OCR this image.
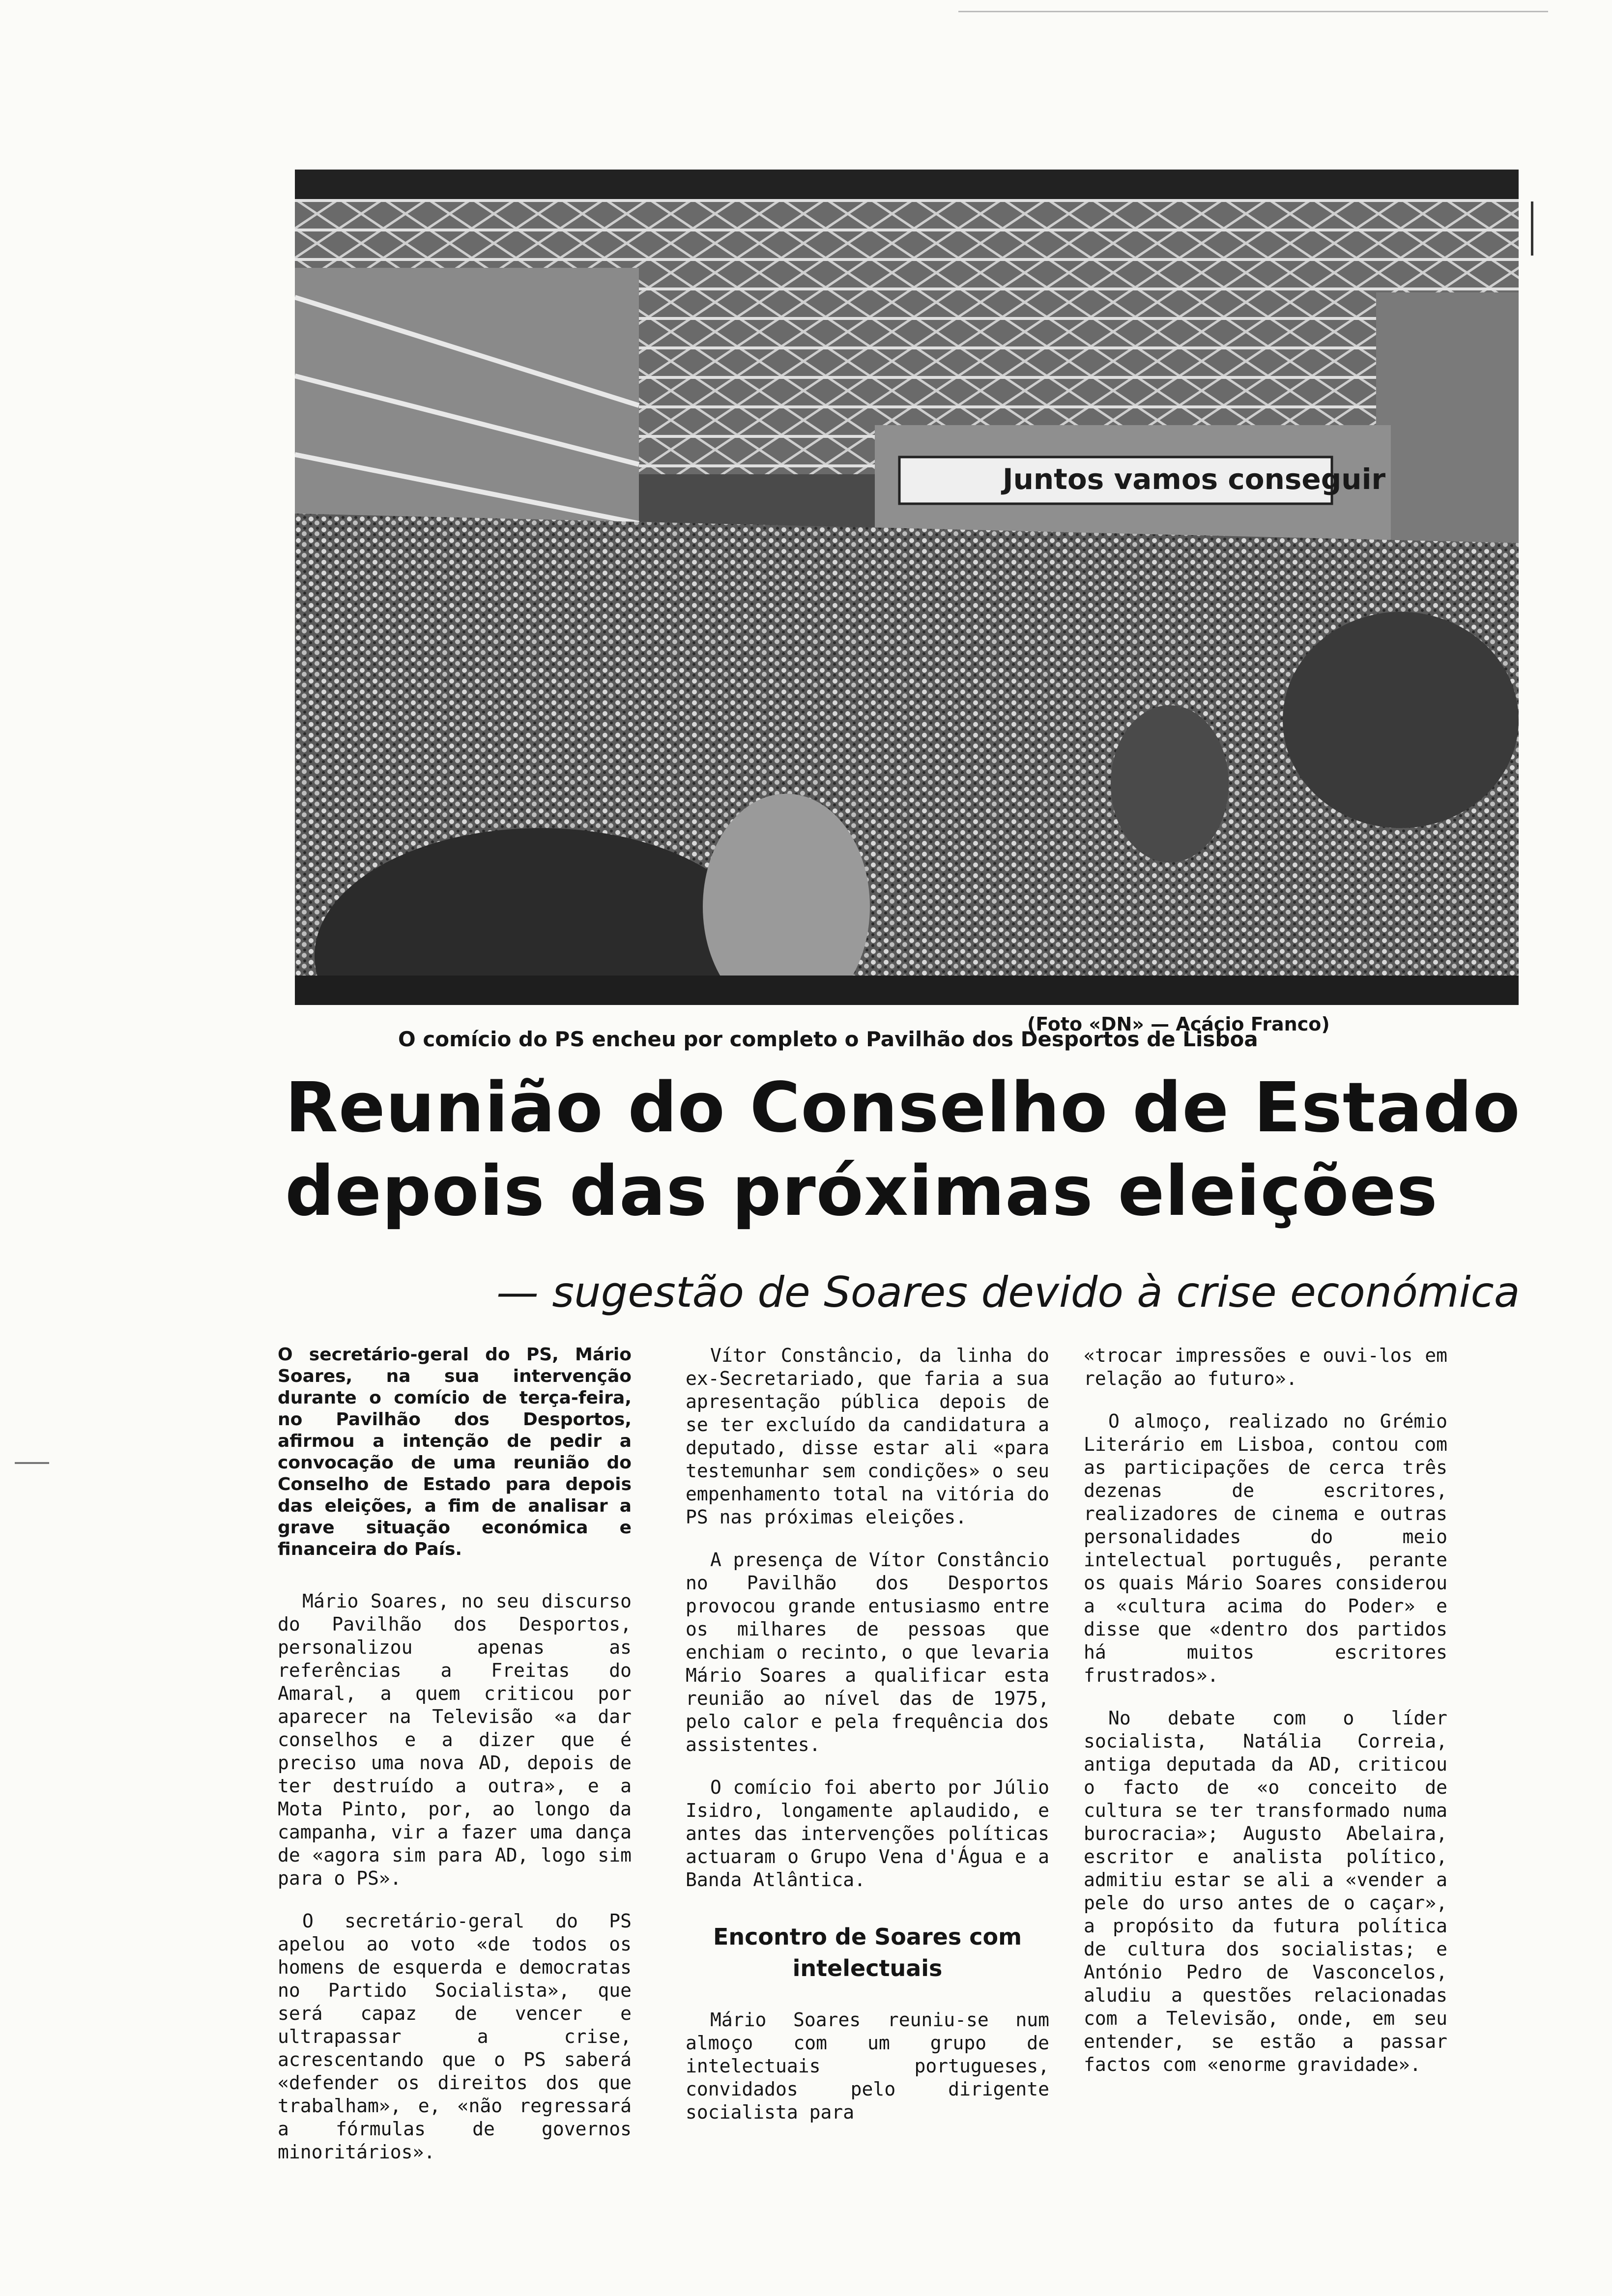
Juntos vamos conseguir
(Foto «DN» — Acácio Franco)
O comício do PS encheu por completo o Pavilhão dos Desportos de Lisboa
Reunião do Conselho de Estado
depois das próximas eleições
— sugestão de Soares devido à crise económica

O secretário-geral do PS, Mário Soares, na sua intervenção durante o comício de terça-feira, no Pavilhão dos Desportos, afirmou a intenção de pedir a convocação de uma reunião do Conselho de Estado para depois das eleições, a fim de analisar a grave situação económica e financeira do País.

Mário Soares, no seu discurso do Pavilhão dos Desportos, personalizou apenas as referências a Freitas do Amaral, a quem criticou por aparecer na Televisão «a dar conselhos e a dizer que é preciso uma nova AD, depois de ter destruído a outra», e a Mota Pinto, por, ao longo da campanha, vir a fazer uma dança de «agora sim para AD, logo sim para o PS».

O secretário-geral do PS apelou ao voto «de todos os homens de esquerda e democratas no Partido Socialista», que será capaz de vencer e ultrapassar a crise, acrescentando que o PS saberá «defender os direitos dos que trabalham», e, «não regressará a fórmulas de governos minoritários».

Vítor Constâncio, da linha do ex-Secretariado, que faria a sua apresentação pública depois de se ter excluído da candidatura a deputado, disse estar ali «para testemunhar sem condições» o seu empenhamento total na vitória do PS nas próximas eleições.

A presença de Vítor Constâncio no Pavilhão dos Desportos provocou grande entusiasmo entre os milhares de pessoas que enchiam o recinto, o que levaria Mário Soares a qualificar esta reunião ao nível das de 1975, pelo calor e pela frequência dos assistentes.

O comício foi aberto por Júlio Isidro, longamente aplaudido, e antes das intervenções políticas actuaram o Grupo Vena d'Água e a Banda Atlântica.

Encontro de Soares com intelectuais

Mário Soares reuniu-se num almoço com um grupo de intelectuais portugueses, convidados pelo dirigente socialista para

«trocar impressões e ouvi-los em relação ao futuro».

O almoço, realizado no Grémio Literário em Lisboa, contou com as participações de cerca três dezenas de escritores, realizadores de cinema e outras personalidades do meio intelectual português, perante os quais Mário Soares considerou a «cultura acima do Poder» e disse que «dentro dos partidos há muitos escritores frustrados».

No debate com o líder socialista, Natália Correia, antiga deputada da AD, criticou o facto de «o conceito de cultura se ter transformado numa burocracia»; Augusto Abelaira, escritor e analista político, admitiu estar se ali a «vender a pele do urso antes de o caçar», a propósito da futura política de cultura dos socialistas; e António Pedro de Vasconcelos, aludiu a questões relacionadas com a Televisão, onde, em seu entender, se estão a passar factos com «enorme gravidade».
